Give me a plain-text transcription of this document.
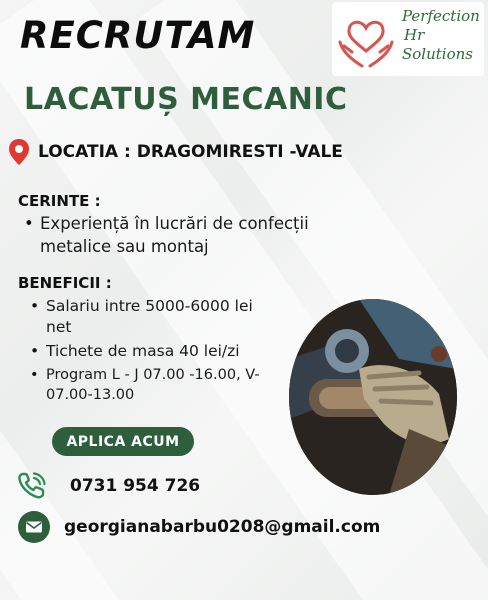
RECRUTAM	Perfection
Hr
Solutions
LACATUȘ MECANIC
LOCATIA : DRAGOMIRESTI -VALE
CERINTE :
• Experiență în lucrări de confecții metalice sau montaj
BENEFICII :
• Salariu intre 5000-6000 lei net
• Tichete de masa 40 lei/zi
• Program L - J 07.00 -16.00, V- 07.00-13.00
APLICA ACUM
0731 954 726
georgianabarbu0208@gmail.com
